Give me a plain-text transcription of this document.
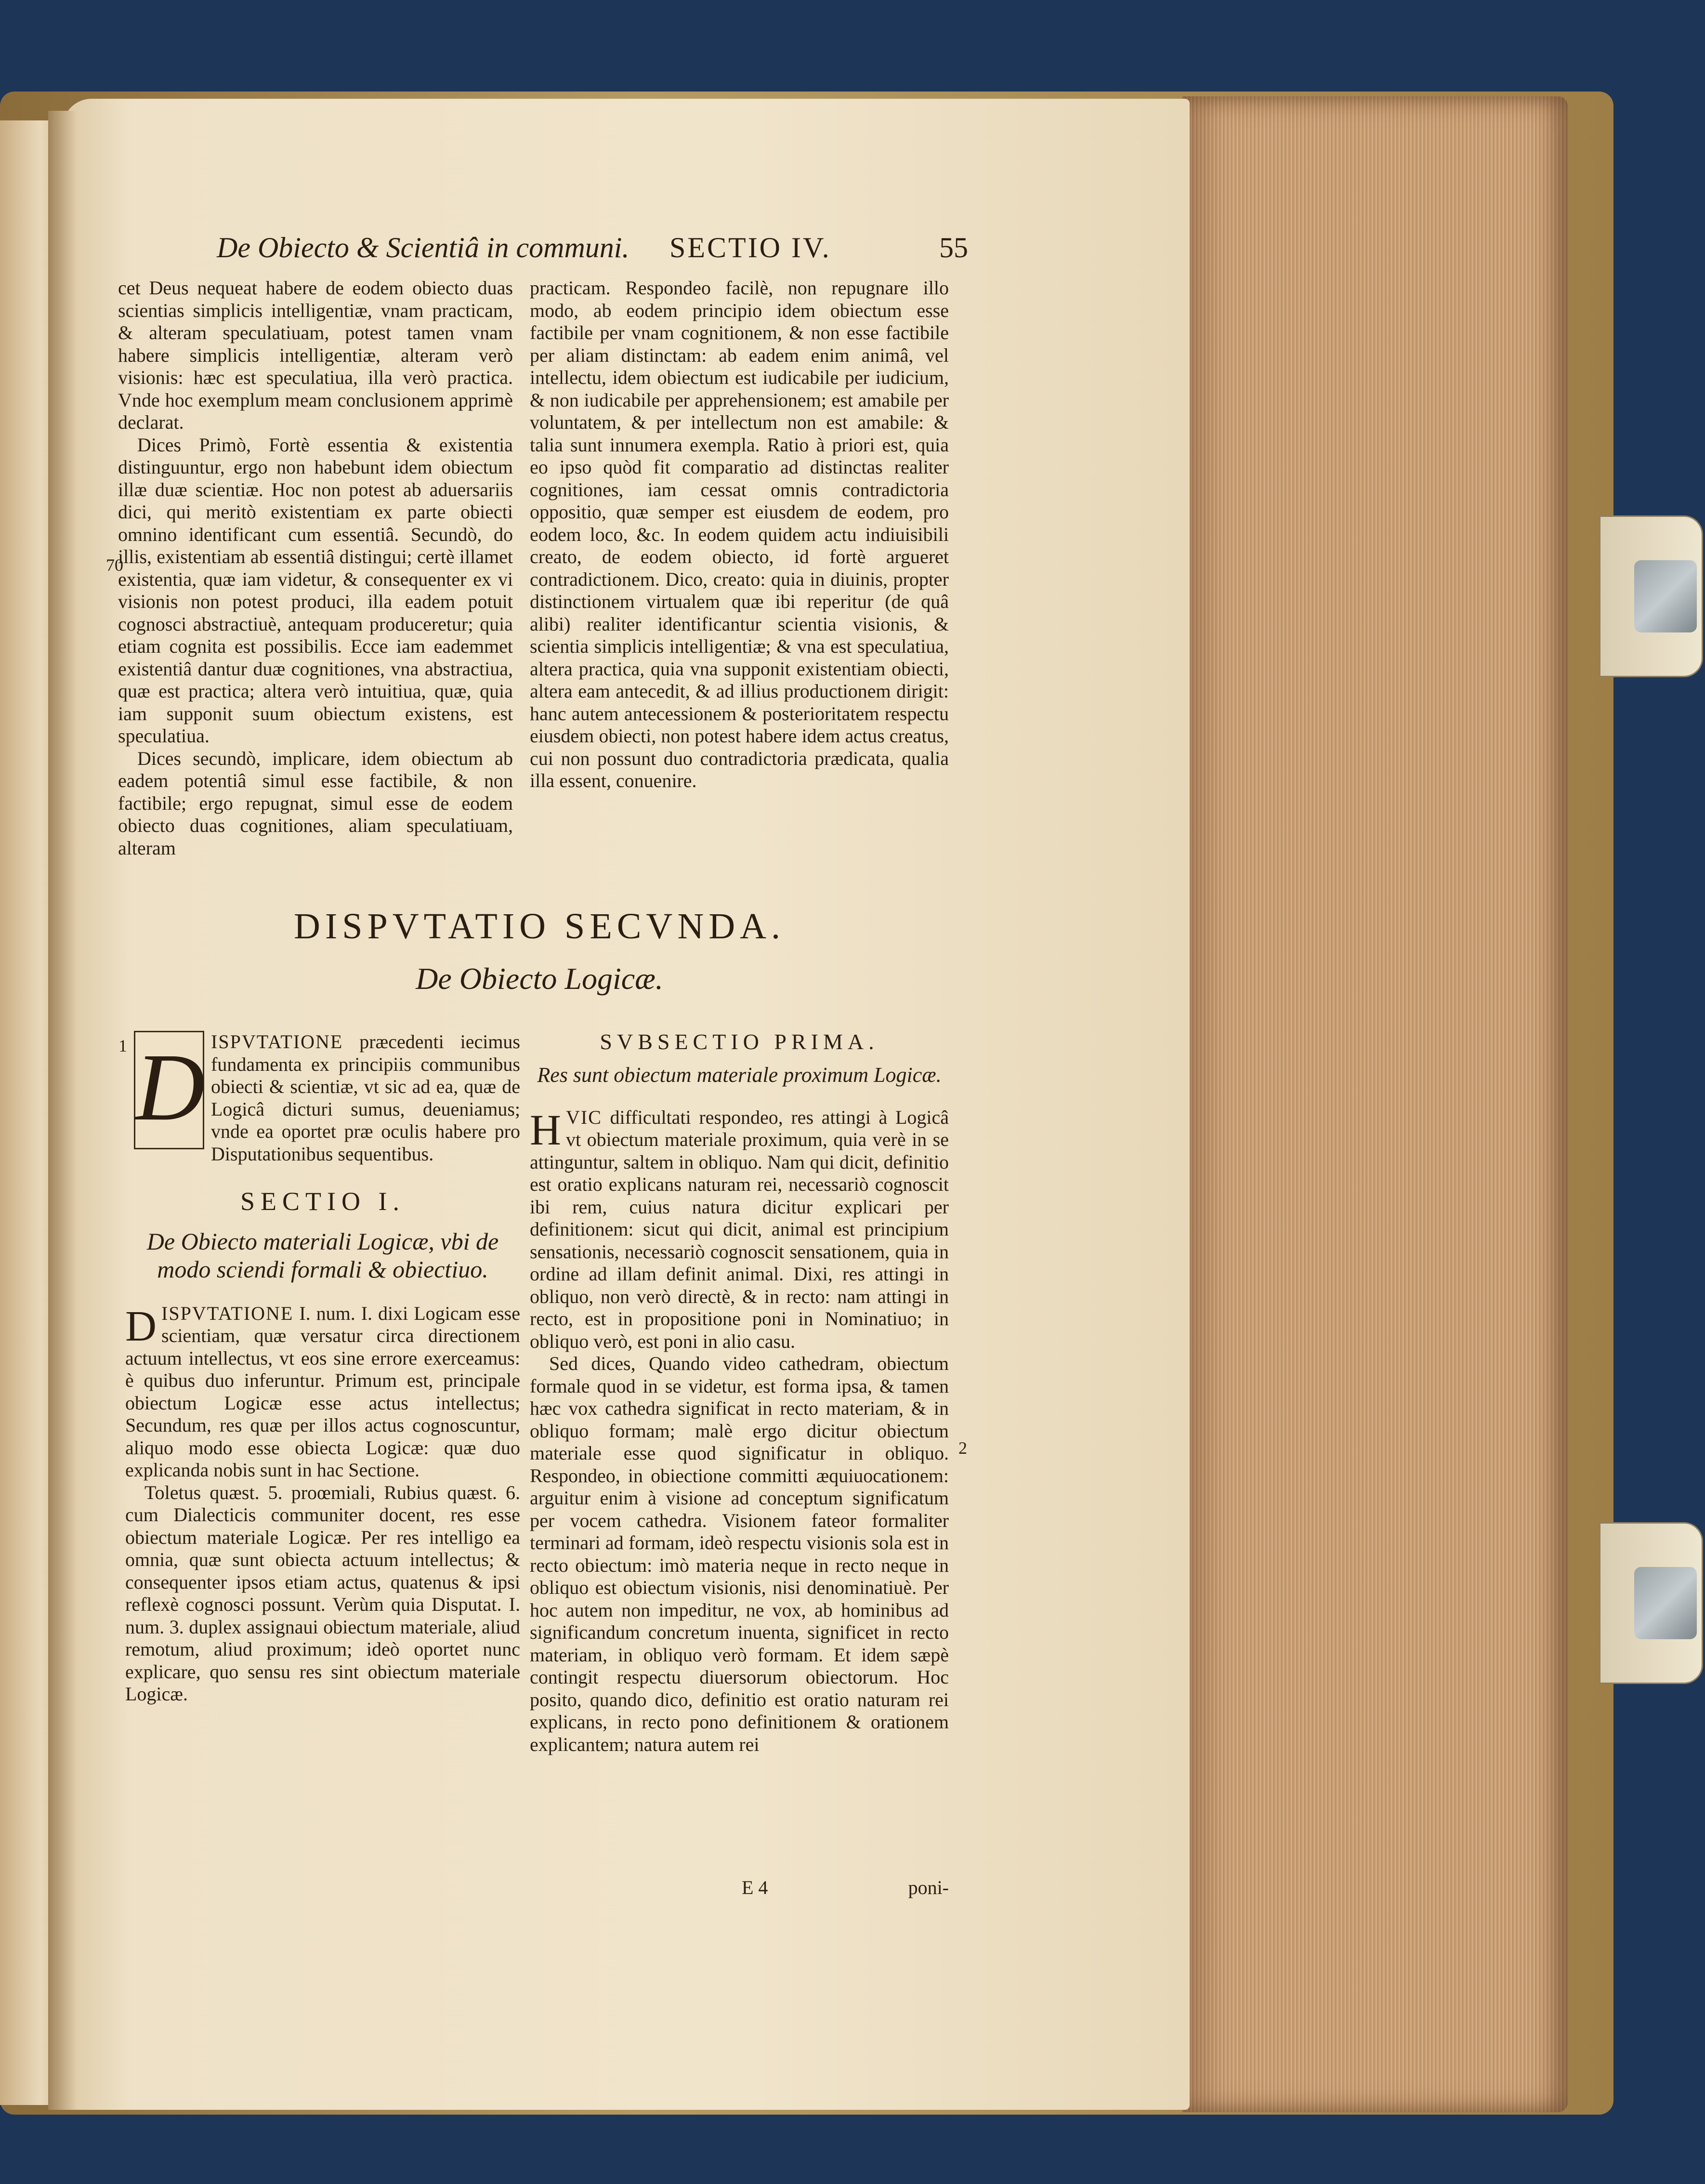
De Obiecto & Scientiâ in communi. SECTIO IV.	55
70

cet Deus nequeat habere de eodem obiecto duas scientias simplicis intelligentiæ, vnam practicam, & alteram speculatiuam, potest tamen vnam habere simplicis intelligentiæ, alteram verò visionis: hæc est speculatiua, illa verò practica. Vnde hoc exemplum meam conclusionem apprimè declarat.

Dices Primò, Fortè essentia & existentia distinguuntur, ergo non habebunt idem obiectum illæ duæ scientiæ. Hoc non potest ab aduersariis dici, qui meritò existentiam ex parte obiecti omnino identificant cum essentiâ. Secundò, do illis, existentiam ab essentiâ distingui; certè illamet existentia, quæ iam videtur, & consequenter ex vi visionis non potest produci, illa eadem potuit cognosci abstractiuè, antequam produceretur; quia etiam cognita est possibilis. Ecce iam eademmet existentiâ dantur duæ cognitiones, vna abstractiua, quæ est practica; altera verò intuitiua, quæ, quia iam supponit suum obiectum existens, est speculatiua.

Dices secundò, implicare, idem obiectum ab eadem potentiâ simul esse factibile, & non factibile; ergo repugnat, simul esse de eodem obiecto duas cognitiones, aliam speculatiuam, alteram

practicam. Respondeo facilè, non repugnare illo modo, ab eodem principio idem obiectum esse factibile per vnam cognitionem, & non esse factibile per aliam distinctam: ab eadem enim animâ, vel intellectu, idem obiectum est iudicabile per iudicium, & non iudicabile per apprehensionem; est amabile per voluntatem, & per intellectum non est amabile: & talia sunt innumera exempla. Ratio à priori est, quia eo ipso quòd fit comparatio ad distinctas realiter cognitiones, iam cessat omnis contradictoria oppositio, quæ semper est eiusdem de eodem, pro eodem loco, &c. In eodem quidem actu indiuisibili creato, de eodem obiecto, id fortè argueret contradictionem. Dico, creato: quia in diuinis, propter distinctionem virtualem quæ ibi reperitur (de quâ alibi) realiter identificantur scientia visionis, & scientia simplicis intelligentiæ; & vna est speculatiua, altera practica, quia vna supponit existentiam obiecti, altera eam antecedit, & ad illius productionem dirigit: hanc autem antecessionem & posterioritatem respectu eiusdem obiecti, non potest habere idem actus creatus, cui non possunt duo contradictoria prædicata, qualia illa essent, conuenire.

DISPVTATIO SECVNDA.
De Obiecto Logicæ.
1 D ISPVTATIONE præcedenti iecimus fundamenta ex principiis communibus obiecti & scientiæ, vt sic ad ea, quæ de Logicâ dicturi sumus, deueniamus; vnde ea oportet præ oculis habere pro Disputationibus sequentibus.

SECTIO I.
De Obiecto materiali Logicæ, vbi de modo sciendi formali & obiectiuo.

D ISPVTATIONE I. num. I. dixi Logicam esse scientiam, quæ versatur circa directionem actuum intellectus, vt eos sine errore exerceamus: è quibus duo inferuntur. Primum est, principale obiectum Logicæ esse actus intellectus; Secundum, res quæ per illos actus cognoscuntur, aliquo modo esse obiecta Logicæ: quæ duo explicanda nobis sunt in hac Sectione.

Toletus quæst. 5. proœmiali, Rubius quæst. 6. cum Dialecticis communiter docent, res esse obiectum materiale Logicæ. Per res intelligo ea omnia, quæ sunt obiecta actuum intellectus; & consequenter ipsos etiam actus, quatenus & ipsi reflexè cognosci possunt. Verùm quia Disputat. I. num. 3. duplex assignaui obiectum materiale, aliud remotum, aliud proximum; ideò oportet nunc explicare, quo sensu res sint obiectum materiale Logicæ.

SVBSECTIO PRIMA.
Res sunt obiectum materiale proximum Logicæ.

H VIC difficultati respondeo, res attingi à Logicâ vt obiectum materiale proximum, quia verè in se attinguntur, saltem in obliquo. Nam qui dicit, definitio est oratio explicans naturam rei, necessariò cognoscit ibi rem, cuius natura dicitur explicari per definitionem: sicut qui dicit, animal est principium sensationis, necessariò cognoscit sensationem, quia in ordine ad illam definit animal. Dixi, res attingi in obliquo, non verò directè, & in recto: nam attingi in recto, est in propositione poni in Nominatiuo; in obliquo verò, est poni in alio casu.

Sed dices, Quando video cathedram, obiectum formale quod in se videtur, est forma ipsa, & tamen hæc vox cathedra significat in recto materiam, & in obliquo formam; malè ergo dicitur obiectum materiale esse quod significatur in obliquo. Respondeo, in obiectione committi æquiuocationem: arguitur enim à visione ad conceptum significatum per vocem cathedra. Visionem fateor formaliter terminari ad formam, ideò respectu visionis sola est in recto obiectum: imò materia neque in recto neque in obliquo est obiectum visionis, nisi denominatiuè. Per hoc autem non impeditur, ne vox, ab hominibus ad significandum concretum inuenta, significet in recto materiam, in obliquo verò formam. Et idem sæpè contingit respectu diuersorum obiectorum. Hoc posito, quando dico, definitio est oratio naturam rei explicans, in recto pono definitionem & orationem explicantem; natura autem rei

2
E 4	poni-
